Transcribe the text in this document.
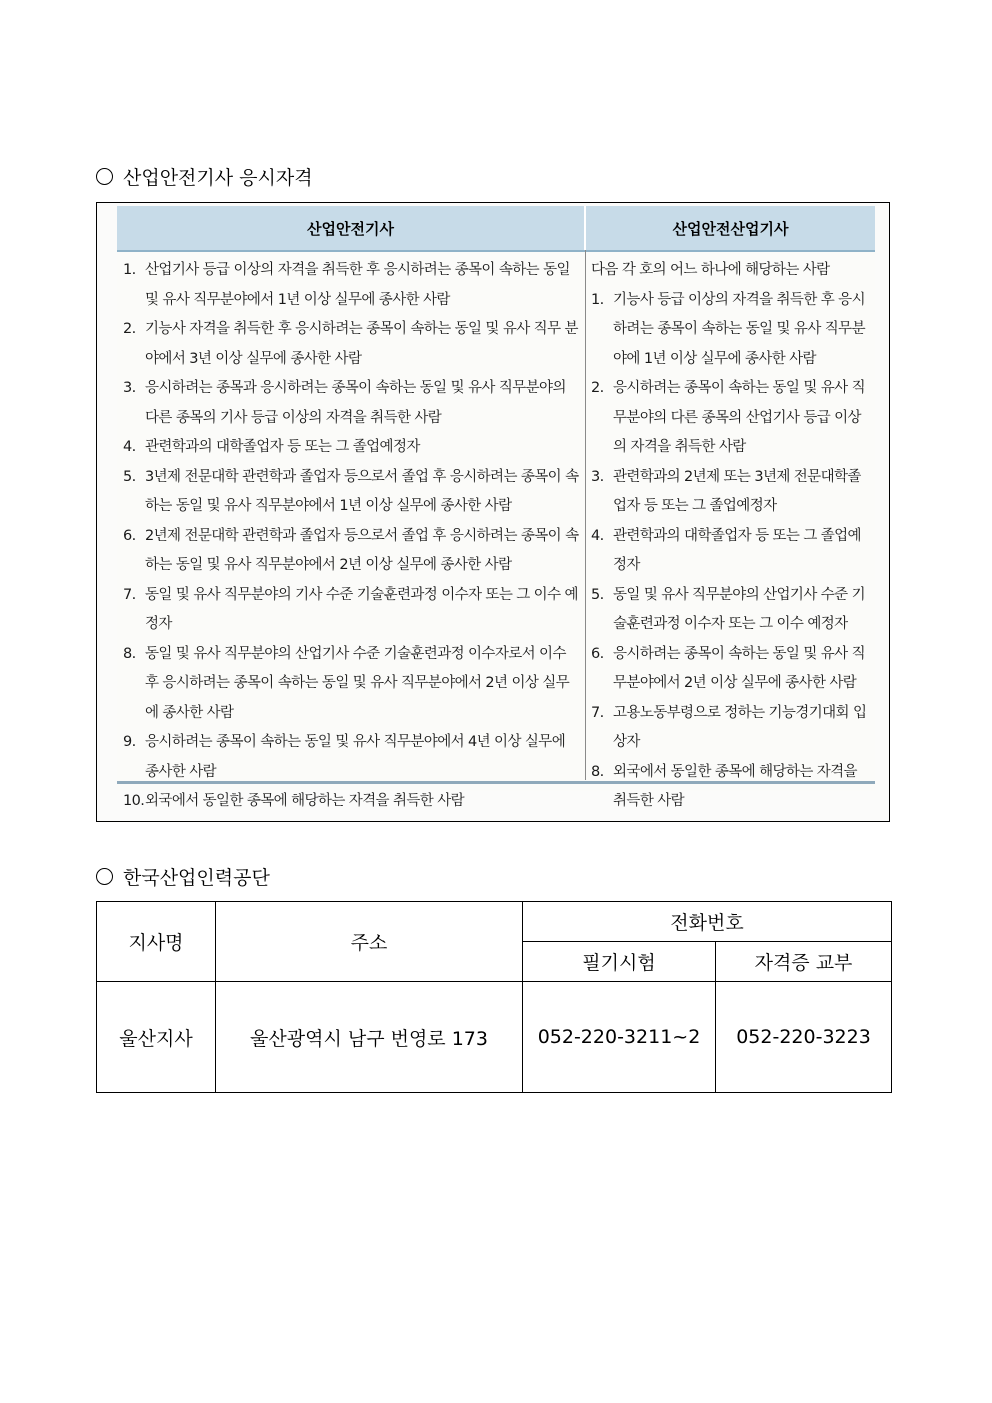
산업안전기사 응시자격
산업안전기사	산업안전산업기사
1. 산업기사 등급 이상의 자격을 취득한 후 응시하려는 종목이 속하는 동일 및 유사 직무분야에서 1년 이상 실무에 종사한 사람
2. 기능사 자격을 취득한 후 응시하려는 종목이 속하는 동일 및 유사 직무 분야에서 3년 이상 실무에 종사한 사람
3. 응시하려는 종목과 응시하려는 종목이 속하는 동일 및 유사 직무분야의 다른 종목의 기사 등급 이상의 자격을 취득한 사람
4. 관련학과의 대학졸업자 등 또는 그 졸업예정자
5. 3년제 전문대학 관련학과 졸업자 등으로서 졸업 후 응시하려는 종목이 속하는 동일 및 유사 직무분야에서 1년 이상 실무에 종사한 사람
6. 2년제 전문대학 관련학과 졸업자 등으로서 졸업 후 응시하려는 종목이 속하는 동일 및 유사 직무분야에서 2년 이상 실무에 종사한 사람
7. 동일 및 유사 직무분야의 기사 수준 기술훈련과정 이수자 또는 그 이수 예정자
8. 동일 및 유사 직무분야의 산업기사 수준 기술훈련과정 이수자로서 이수 후 응시하려는 종목이 속하는 동일 및 유사 직무분야에서 2년 이상 실무에 종사한 사람
9. 응시하려는 종목이 속하는 동일 및 유사 직무분야에서 4년 이상 실무에 종사한 사람
10. 외국에서 동일한 종목에 해당하는 자격을 취득한 사람

다음 각 호의 어느 하나에 해당하는 사람

1. 기능사 등급 이상의 자격을 취득한 후 응시하려는 종목이 속하는 동일 및 유사 직무분야에 1년 이상 실무에 종사한 사람
2. 응시하려는 종목이 속하는 동일 및 유사 직무분야의 다른 종목의 산업기사 등급 이상의 자격을 취득한 사람
3. 관련학과의 2년제 또는 3년제 전문대학졸업자 등 또는 그 졸업예정자
4. 관련학과의 대학졸업자 등 또는 그 졸업예정자
5. 동일 및 유사 직무분야의 산업기사 수준 기술훈련과정 이수자 또는 그 이수 예정자
6. 응시하려는 종목이 속하는 동일 및 유사 직무분야에서 2년 이상 실무에 종사한 사람
7. 고용노동부령으로 정하는 기능경기대회 입상자
8. 외국에서 동일한 종목에 해당하는 자격을 취득한 사람
한국산업인력공단
지사명	주소	전화번호	
		필기시험	자격증 교부
울산지사	울산광역시 남구 번영로 173	052-220-3211~2	052-220-3223
